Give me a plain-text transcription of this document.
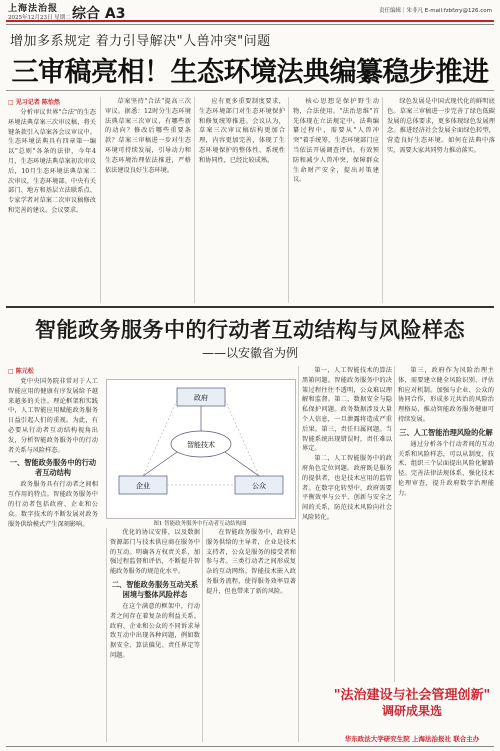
上海法治报
2025年12月23日 星期二 综合 A3	责任编辑｜朱非凡 E-mail:fzbfzry@126.com
增加多系规定 着力引导解决"人兽冲突"问题
三审稿亮相！生态环境法典编纂稳步推进
□ 见习记者 陈怡然

分析审议世界"合法"的生态环境法典草案三次审议稿，将关键条款引入草案各会议审议中。生态环境法典具有四章第一编以"总则"各条的法律，今年4月，生态环境法典草案初次审议后，10月生态环境法典草案二次审议，生态环境部、中央有关部门、地方和基层立法联系点、专家学者对草案二次审议稿修改和完善的建议。会议要求。

草案坚持"合法"提高三次审议。据悉：12时分生态环境法典草案三次审议，有哪些新的动向？修改后哪些重要条款？草案三审稿进一步对生态环境可持续发展，引导动力和生态环境治理依法推进，严格依法建设良好生态环境。

应有更多重要制度要求，生态环境部门对生态环境保护和修复统筹推进。会议认为，草案三次审议稿结构更加合理，内容更加完善，体现了生态环境保护的整体性、系统性和协同性，已经比较成熟。

核心思想是保护野生动物，合法使用。"法治思维"首先体现在立法规定中。法典编纂过程中，需要从"人兽冲突"着手统筹，生态环境部门应当依法开展调查评估，有效预防和减少人兽冲突，保障群众生命财产安全，提出对策建议。

绿色发展是中国式现代化的鲜明底色。草案三审稿进一步完善了绿色低碳发展的总体要求，更多体现绿色发展理念。推进经济社会发展全面绿色转型，营造良好生态环境。如何在法典中落实，需要大家共同努力推动落实。

智能政务服务中的行动者互动结构与风险样态
——以安徽省为例
□ 陈元松

党中央国务院非常对于人工智能应用的健康有序发展给予越来越多的关注。理论框架和实践中，人工智能应用赋能政务服务日益引起人们的重视。为此，有必要从行动者互动结构视角出发，分析智能政务服务中的行动者关系与风险样态。

一、智能政务服务中的行动者互动结构

政务服务具有行动者之间相互作用的特点。智能政务服务中的行动者包括政府、企业和公众。数字技术的不断发展对政务服务供给模式产生深刻影响。

政府
企业	公众
智能技术
图1 智能政务服务中行动者互动结构图

优化的协议安排，以及数据资源部门与技术供应商在服务中的互动。明确各方权责关系，加强过程监督和评估，不断提升智能政务服务的规范化水平。

二、智能政务服务互动关系困境与整体风险样态

在这个满意的框架中，行动者之间存在着复杂的利益关系。政府、企业和公众的不同诉求导致互动中出现各种问题，例如数据安全、算法偏见、责任界定等问题。

在智能政务服务中，政府是服务供给的主导者，企业是技术支持者，公众是服务的接受者和参与者。三类行动者之间形成复杂的互动网络。智能技术嵌入政务服务流程，使得服务效率显著提升，但也带来了新的风险。

第一，人工智能技术的算法黑箱问题。智能政务服务中的决策过程往往不透明，公众难以理解和监督。第二，数据安全与隐私保护问题。政务数据涉及大量个人信息，一旦泄露将造成严重后果。第三，责任归属问题。当智能系统出现错误时，责任难以界定。

第二，人工智能服务中的政府角色定位问题。政府既是服务的提供者，也是技术应用的监管者。在数字化转型中，政府需要平衡效率与公平、创新与安全之间的关系，防范技术风险向社会风险转化。

第三，政府作为风险治理主体，需要建立健全风险识别、评估和应对机制。加强与企业、公众的协同合作，形成多元共治的风险治理格局，推动智能政务服务健康可持续发展。

三、人工智能治理风险的化解

通过分析各个行动者间的互动关系和风险样态，可以从制度、技术、组织三个层面提出风险化解路径。完善法律法规体系，强化技术伦理审查，提升政府数字治理能力。

"法治建设与社会管理创新"
调研成果选
华东政法大学研究生院 上海法治报社 联合主办
